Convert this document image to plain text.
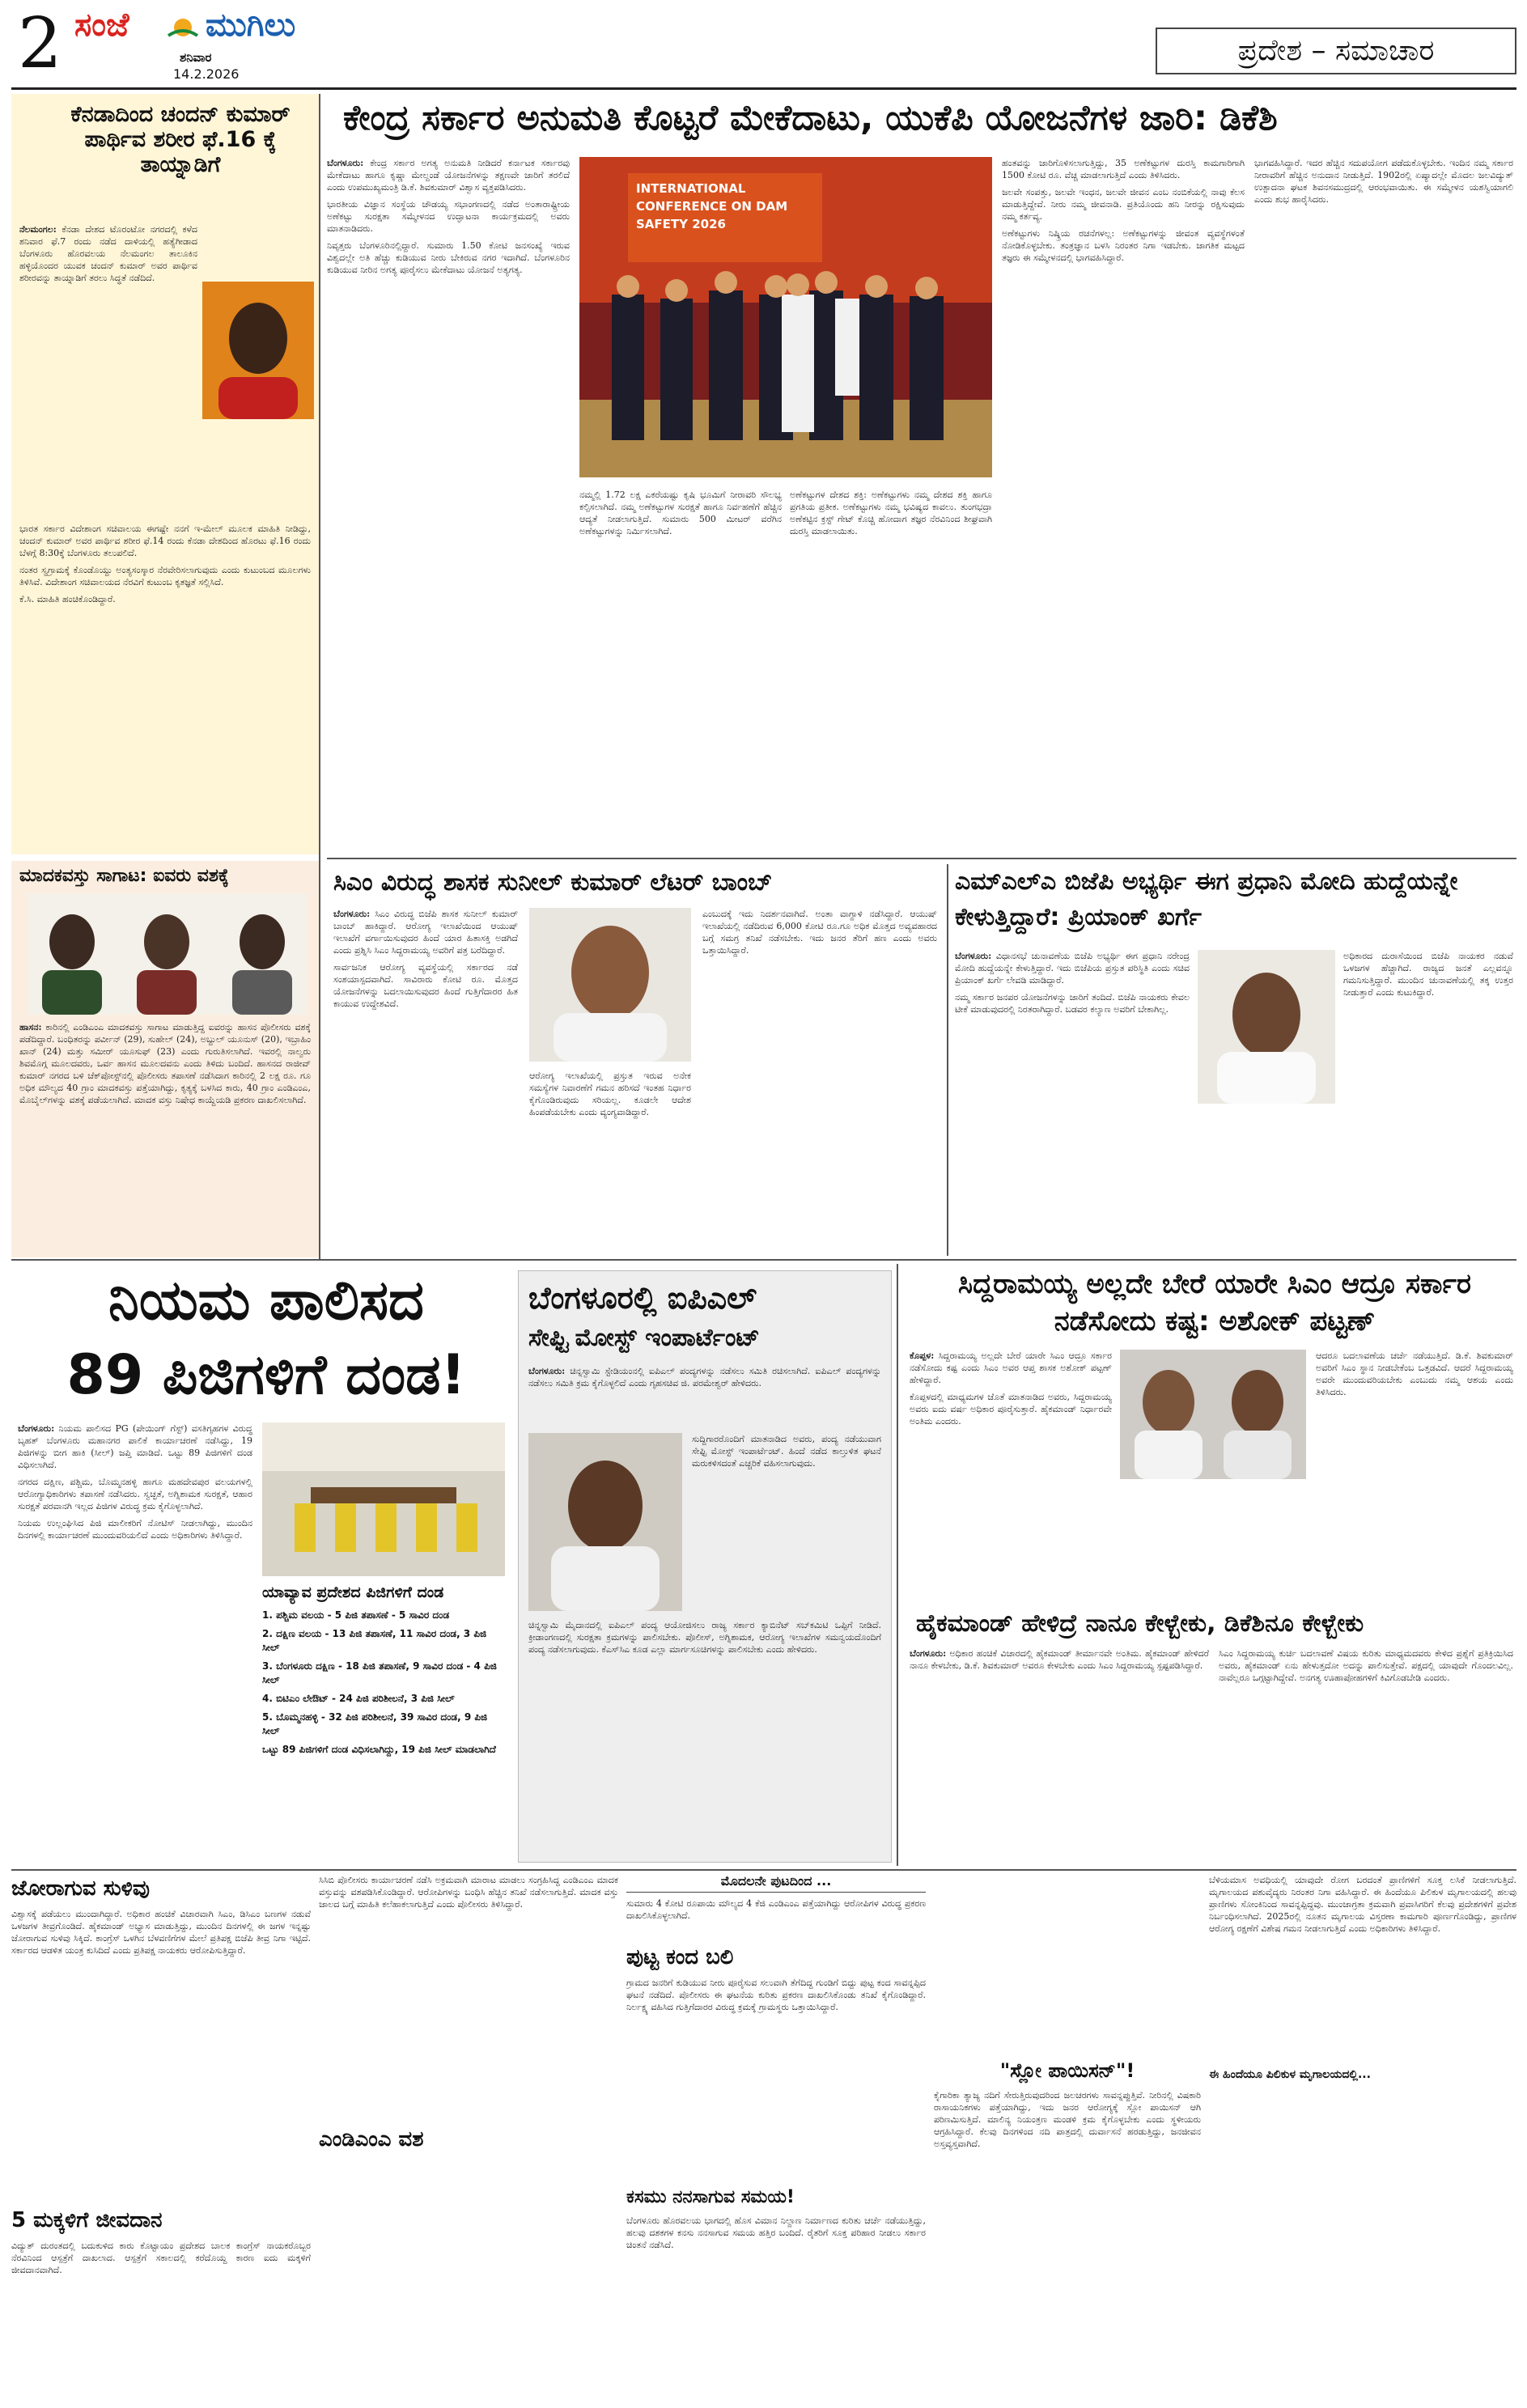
2 ಸಂಜೆ ಮುಗಿಲು
ಶನಿವಾರ
14.2.2026
ಪ್ರದೇಶ – ಸಮಾಚಾರ
ಕೆನಡಾದಿಂದ ಚಂದನ್ ಕುಮಾರ್ ಪಾರ್ಥಿವ ಶರೀರ ಫೆ.16 ಕ್ಕೆ ತಾಯ್ನಾಡಿಗೆ
ನೆಲಮಂಗಲ: ಕೆನಡಾ ದೇಶದ ಟೊರಂಟೋ ನಗರದಲ್ಲಿ ಕಳೆದ ಶನಿವಾರ ಫೆ.7 ರಂದು ನಡೆದ ದಾಳಿಯಲ್ಲಿ ಹತ್ಯೆಗೀಡಾದ ಬೆಂಗಳೂರು ಹೊರವಲಯ ನೆಲಮಂಗಲ ತಾಲೂಕಿನ ಹಳ್ಳಿಯೊಂದರ ಯುವಕ ಚಂದನ್ ಕುಮಾರ್ ಅವರ ಪಾರ್ಥಿವ ಶರೀರವನ್ನು ತಾಯ್ನಾಡಿಗೆ ತರಲು ಸಿದ್ಧತೆ ನಡೆದಿದೆ.

ಭಾರತ ಸರ್ಕಾರ ವಿದೇಶಾಂಗ ಸಚಿವಾಲಯ ಈಗಷ್ಟೇ ನನಗೆ ಇ-ಮೇಲ್ ಮೂಲಕ ಮಾಹಿತಿ ನೀಡಿದ್ದು, ಚಂದನ್ ಕುಮಾರ್ ಅವರ ಪಾರ್ಥಿವ ಶರೀರ ಫೆ.14 ರಂದು ಕೆನಡಾ ದೇಶದಿಂದ ಹೊರಟು ಫೆ.16 ರಂದು ಬೆಳಗ್ಗೆ 8:30ಕ್ಕೆ ಬೆಂಗಳೂರು ತಲುಪಲಿದೆ.

ನಂತರ ಸ್ವಗ್ರಾಮಕ್ಕೆ ಕೊಂಡೊಯ್ದು ಅಂತ್ಯಸಂಸ್ಕಾರ ನೆರವೇರಿಸಲಾಗುವುದು ಎಂದು ಕುಟುಂಬದ ಮೂಲಗಳು ತಿಳಿಸಿವೆ. ವಿದೇಶಾಂಗ ಸಚಿವಾಲಯದ ನೆರವಿಗೆ ಕುಟುಂಬ ಕೃತಜ್ಞತೆ ಸಲ್ಲಿಸಿದೆ.

ಕೆ.ಸಿ. ಮಾಹಿತಿ ಹಂಚಿಕೊಂಡಿದ್ದಾರೆ.

ಮಾದಕವಸ್ತು ಸಾಗಾಟ: ಐವರು ವಶಕ್ಕೆ
ಹಾಸನ: ಕಾರಿನಲ್ಲಿ ಎಂಡಿಎಂಎ ಮಾದಕವಸ್ತು ಸಾಗಾಟ ಮಾಡುತ್ತಿದ್ದ ಐವರನ್ನು ಹಾಸನ ಪೊಲೀಸರು ವಶಕ್ಕೆ ಪಡೆದಿದ್ದಾರೆ. ಬಂಧಿತರನ್ನು ಪರ್ವೀನ್ (29), ಸುಹೇಲ್ (24), ಅಬ್ದುಲ್ ಯೂನುಸ್ (20), ಇಬ್ರಾಹಿಂ ಖಾನ್ (24) ಮತ್ತು ಸಮೀರ್ ಯೂಸುಫ್ (23) ಎಂದು ಗುರುತಿಸಲಾಗಿದೆ. ಇವರಲ್ಲಿ ನಾಲ್ವರು ಶಿವಮೊಗ್ಗ ಮೂಲದವರು, ಒರ್ವ ಹಾಸನ ಮೂಲದವನು ಎಂದು ತಿಳಿದು ಬಂದಿದೆ. ಹಾಸನದ ರಾಜೀವ್ ಕುಮಾರ್ ನಗರದ ಬಳಿ ಚೆಕ್‌ಪೋಸ್ಟ್‌ನಲ್ಲಿ ಪೊಲೀಸರು ತಪಾಸಣೆ ನಡೆಸಿದಾಗ ಕಾರಿನಲ್ಲಿ 2 ಲಕ್ಷ ರೂ. ಗೂ ಅಧಿಕ ಮೌಲ್ಯದ 40 ಗ್ರಾಂ ಮಾದಕವಸ್ತು ಪತ್ತೆಯಾಗಿದ್ದು, ಕೃತ್ಯಕ್ಕೆ ಬಳಸಿದ ಕಾರು, 40 ಗ್ರಾಂ ಎಂಡಿಎಂಎ, ಮೊಬೈಲ್‌ಗಳನ್ನು ವಶಕ್ಕೆ ಪಡೆಯಲಾಗಿದೆ. ಮಾದಕ ವಸ್ತು ನಿಷೇಧ ಕಾಯ್ದೆಯಡಿ ಪ್ರಕರಣ ದಾಖಲಿಸಲಾಗಿದೆ.
ಕೇಂದ್ರ ಸರ್ಕಾರ ಅನುಮತಿ ಕೊಟ್ಟರೆ ಮೇಕೆದಾಟು, ಯುಕೆಪಿ ಯೋಜನೆಗಳ ಜಾರಿ: ಡಿಕೆಶಿ
ಬೆಂಗಳೂರು: ಕೇಂದ್ರ ಸರ್ಕಾರ ಅಗತ್ಯ ಅನುಮತಿ ನೀಡಿದರೆ ಕರ್ನಾಟಕ ಸರ್ಕಾರವು ಮೇಕೆದಾಟು ಹಾಗೂ ಕೃಷ್ಣಾ ಮೇಲ್ದಂಡೆ ಯೋಜನೆಗಳನ್ನು ತಕ್ಷಣವೇ ಜಾರಿಗೆ ತರಲಿದೆ ಎಂದು ಉಪಮುಖ್ಯಮಂತ್ರಿ ಡಿ.ಕೆ. ಶಿವಕುಮಾರ್ ವಿಶ್ವಾಸ ವ್ಯಕ್ತಪಡಿಸಿದರು.

ಭಾರತೀಯ ವಿಜ್ಞಾನ ಸಂಸ್ಥೆಯ ಚೌಡಯ್ಯ ಸಭಾಂಗಣದಲ್ಲಿ ನಡೆದ ಅಂತಾರಾಷ್ಟ್ರೀಯ ಅಣೆಕಟ್ಟು ಸುರಕ್ಷತಾ ಸಮ್ಮೇಳನದ ಉದ್ಘಾಟನಾ ಕಾರ್ಯಕ್ರಮದಲ್ಲಿ ಅವರು ಮಾತನಾಡಿದರು.

ನಿವೃತ್ತರು ಬೆಂಗಳೂರಿನಲ್ಲಿದ್ದಾರೆ. ಸುಮಾರು 1.50 ಕೋಟಿ ಜನಸಂಖ್ಯೆ ಇರುವ ವಿಶ್ವದಲ್ಲೇ ಅತಿ ಹೆಚ್ಚು ಕುಡಿಯುವ ನೀರು ಬೇಕಿರುವ ನಗರ ಇದಾಗಿದೆ. ಬೆಂಗಳೂರಿನ ಕುಡಿಯುವ ನೀರಿನ ಅಗತ್ಯ ಪೂರೈಸಲು ಮೇಕೆದಾಟು ಯೋಜನೆ ಅತ್ಯಗತ್ಯ.

INTERNATIONAL CONFERENCE ON DAM SAFETY 2026
ನಮ್ಮಲ್ಲಿ 1.72 ಲಕ್ಷ ಎಕರೆಯಷ್ಟು ಕೃಷಿ ಭೂಮಿಗೆ ನೀರಾವರಿ ಸೌಲಭ್ಯ ಕಲ್ಪಿಸಲಾಗಿದೆ. ನಮ್ಮ ಅಣೆಕಟ್ಟುಗಳ ಸುರಕ್ಷತೆ ಹಾಗೂ ನಿರ್ವಹಣೆಗೆ ಹೆಚ್ಚಿನ ಆದ್ಯತೆ ನೀಡಲಾಗುತ್ತಿದೆ. ಸುಮಾರು 500 ಮೀಟರ್ ವರೆಗಿನ ಅಣೆಕಟ್ಟುಗಳನ್ನು ನಿರ್ಮಿಸಲಾಗಿದೆ.
ಅಣೆಕಟ್ಟುಗಳ ದೇಶದ ಶಕ್ತಿ: ಅಣೆಕಟ್ಟುಗಳು ನಮ್ಮ ದೇಶದ ಶಕ್ತಿ ಹಾಗೂ ಪ್ರಗತಿಯ ಪ್ರತೀಕ. ಅಣೆಕಟ್ಟುಗಳು ನಮ್ಮ ಭವಿಷ್ಯದ ಕಾವಲು. ತುಂಗಭದ್ರಾ ಅಣೆಕಟ್ಟಿನ ಕ್ರಸ್ಟ್ ಗೇಟ್ ಕೊಚ್ಚಿ ಹೋದಾಗ ತಜ್ಞರ ನೆರವಿನಿಂದ ಶೀಘ್ರವಾಗಿ ದುರಸ್ತಿ ಮಾಡಲಾಯಿತು.
ಹಂತವನ್ನು ಜಾರಿಗೊಳಿಸಲಾಗುತ್ತಿದ್ದು, 35 ಅಣೆಕಟ್ಟುಗಳ ದುರಸ್ತಿ ಕಾಮಗಾರಿಗಾಗಿ 1500 ಕೋಟಿ ರೂ. ವೆಚ್ಚ ಮಾಡಲಾಗುತ್ತಿದೆ ಎಂದು ತಿಳಿಸಿದರು.

ಜಲವೇ ಸಂಪತ್ತು, ಜಲವೇ ಇಂಧನ, ಜಲವೇ ಜೀವನ ಎಂಬ ನಂಬಿಕೆಯಲ್ಲಿ ನಾವು ಕೆಲಸ ಮಾಡುತ್ತಿದ್ದೇವೆ. ನೀರು ನಮ್ಮ ಜೀವನಾಡಿ. ಪ್ರತಿಯೊಂದು ಹನಿ ನೀರನ್ನು ರಕ್ಷಿಸುವುದು ನಮ್ಮ ಕರ್ತವ್ಯ.

ಅಣೆಕಟ್ಟುಗಳು ನಿಷ್ಕ್ರಿಯ ರಚನೆಗಳಲ್ಲ: ಅಣೆಕಟ್ಟುಗಳನ್ನು ಜೀವಂತ ವ್ಯವಸ್ಥೆಗಳಂತೆ ನೋಡಿಕೊಳ್ಳಬೇಕು. ತಂತ್ರಜ್ಞಾನ ಬಳಸಿ ನಿರಂತರ ನಿಗಾ ಇಡಬೇಕು. ಜಾಗತಿಕ ಮಟ್ಟದ ತಜ್ಞರು ಈ ಸಮ್ಮೇಳನದಲ್ಲಿ ಭಾಗವಹಿಸಿದ್ದಾರೆ.

ಭಾಗವಹಿಸಿದ್ದಾರೆ. ಇದರ ಹೆಚ್ಚಿನ ಸದುಪಯೋಗ ಪಡೆದುಕೊಳ್ಳಬೇಕು. ಇಂದಿನ ನಮ್ಮ ಸರ್ಕಾರ ನೀರಾವರಿಗೆ ಹೆಚ್ಚಿನ ಅನುದಾನ ನೀಡುತ್ತಿದೆ. 1902ರಲ್ಲಿ ಏಷ್ಯಾದಲ್ಲೇ ಮೊದಲ ಜಲವಿದ್ಯುತ್ ಉತ್ಪಾದನಾ ಘಟಕ ಶಿವನಸಮುದ್ರದಲ್ಲಿ ಆರಂಭವಾಯಿತು. ಈ ಸಮ್ಮೇಳನ ಯಶಸ್ವಿಯಾಗಲಿ ಎಂದು ಶುಭ ಹಾರೈಸಿದರು.
ಸಿಎಂ ವಿರುದ್ಧ ಶಾಸಕ ಸುನೀಲ್ ಕುಮಾರ್ ಲೆಟರ್ ಬಾಂಬ್
ಬೆಂಗಳೂರು: ಸಿಎಂ ವಿರುದ್ಧ ಬಿಜೆಪಿ ಶಾಸಕ ಸುನೀಲ್ ಕುಮಾರ್ ಬಾಂಬ್ ಹಾಕಿದ್ದಾರೆ. ಆರೋಗ್ಯ ಇಲಾಖೆಯಿಂದ ಆಯುಷ್ ಇಲಾಖೆಗೆ ವರ್ಗಾಯಿಸುವುದರ ಹಿಂದೆ ಯಾರ ಹಿತಾಸಕ್ತಿ ಅಡಗಿದೆ ಎಂದು ಪ್ರಶ್ನಿಸಿ ಸಿಎಂ ಸಿದ್ದರಾಮಯ್ಯ ಅವರಿಗೆ ಪತ್ರ ಬರೆದಿದ್ದಾರೆ.

ಸಾರ್ವಜನಿಕ ಆರೋಗ್ಯ ವ್ಯವಸ್ಥೆಯಲ್ಲಿ ಸರ್ಕಾರದ ನಡೆ ಸಂಶಯಾಸ್ಪದವಾಗಿದೆ. ಸಾವಿರಾರು ಕೋಟಿ ರೂ. ಮೊತ್ತದ ಯೋಜನೆಗಳನ್ನು ಬದಲಾಯಿಸುವುದರ ಹಿಂದೆ ಗುತ್ತಿಗೆದಾರರ ಹಿತ ಕಾಯುವ ಉದ್ದೇಶವಿದೆ.

ಆರೋಗ್ಯ ಇಲಾಖೆಯಲ್ಲಿ ಪ್ರಸ್ತುತ ಇರುವ ಅನೇಕ ಸಮಸ್ಯೆಗಳ ನಿವಾರಣೆಗೆ ಗಮನ ಹರಿಸದೆ ಇಂತಹ ನಿರ್ಧಾರ ಕೈಗೊಂಡಿರುವುದು ಸರಿಯಲ್ಲ. ಕೂಡಲೇ ಆದೇಶ ಹಿಂಪಡೆಯಬೇಕು ಎಂದು ವ್ಯಂಗ್ಯವಾಡಿದ್ದಾರೆ.
ಎಂಬುದಕ್ಕೆ ಇದು ನಿದರ್ಶನವಾಗಿದೆ. ಅಂತಾ ವಾಗ್ದಾಳಿ ನಡೆಸಿದ್ದಾರೆ. ಆಯುಷ್ ಇಲಾಖೆಯಲ್ಲಿ ನಡೆದಿರುವ 6,000 ಕೋಟಿ ರೂ.ಗೂ ಅಧಿಕ ಮೊತ್ತದ ಅವ್ಯವಹಾರದ ಬಗ್ಗೆ ಸಮಗ್ರ ತನಿಖೆ ನಡೆಸಬೇಕು. ಇದು ಜನರ ತೆರಿಗೆ ಹಣ ಎಂದು ಅವರು ಒತ್ತಾಯಿಸಿದ್ದಾರೆ.
ಎಮ್‌ಎಲ್‌ಎ ಬಿಜೆಪಿ ಅಭ್ಯರ್ಥಿ ಈಗ ಪ್ರಧಾನಿ ಮೋದಿ ಹುದ್ದೆಯನ್ನೇ ಕೇಳುತ್ತಿದ್ದಾರೆ: ಪ್ರಿಯಾಂಕ್ ಖರ್ಗೆ
ಬೆಂಗಳೂರು: ವಿಧಾನಸಭೆ ಚುನಾವಣೆಯ ಬಿಜೆಪಿ ಅಭ್ಯರ್ಥಿ ಈಗ ಪ್ರಧಾನಿ ನರೇಂದ್ರ ಮೋದಿ ಹುದ್ದೆಯನ್ನೇ ಕೇಳುತ್ತಿದ್ದಾರೆ. ಇದು ಬಿಜೆಪಿಯ ಪ್ರಸ್ತುತ ಪರಿಸ್ಥಿತಿ ಎಂದು ಸಚಿವ ಪ್ರಿಯಾಂಕ್ ಖರ್ಗೆ ಲೇವಡಿ ಮಾಡಿದ್ದಾರೆ.

ನಮ್ಮ ಸರ್ಕಾರ ಜನಪರ ಯೋಜನೆಗಳನ್ನು ಜಾರಿಗೆ ತಂದಿದೆ. ಬಿಜೆಪಿ ನಾಯಕರು ಕೇವಲ ಟೀಕೆ ಮಾಡುವುದರಲ್ಲಿ ನಿರತರಾಗಿದ್ದಾರೆ. ಬಡವರ ಕಲ್ಯಾಣ ಅವರಿಗೆ ಬೇಕಾಗಿಲ್ಲ.

ಅಧಿಕಾರದ ದುರಾಸೆಯಿಂದ ಬಿಜೆಪಿ ನಾಯಕರ ನಡುವೆ ಒಳಜಗಳ ಹೆಚ್ಚಾಗಿದೆ. ರಾಜ್ಯದ ಜನತೆ ಎಲ್ಲವನ್ನೂ ಗಮನಿಸುತ್ತಿದ್ದಾರೆ. ಮುಂದಿನ ಚುನಾವಣೆಯಲ್ಲಿ ತಕ್ಕ ಉತ್ತರ ನೀಡುತ್ತಾರೆ ಎಂದು ಕುಟುಕಿದ್ದಾರೆ.
ನಿಯಮ ಪಾಲಿಸದ
89 ಪಿಜಿಗಳಿಗೆ ದಂಡ!
ಬೆಂಗಳೂರು: ನಿಯಮ ಪಾಲಿಸದ PG (ಪೇಯಿಂಗ್ ಗೆಸ್ಟ್) ವಸತಿಗೃಹಗಳ ವಿರುದ್ಧ ಬೃಹತ್ ಬೆಂಗಳೂರು ಮಹಾನಗರ ಪಾಲಿಕೆ ಕಾರ್ಯಾಚರಣೆ ನಡೆಸಿದ್ದು, 19 ಪಿಜಿಗಳನ್ನು ಬೀಗ ಹಾಕಿ (ಸೀಲ್) ಜಪ್ತಿ ಮಾಡಿದೆ. ಒಟ್ಟು 89 ಪಿಜಿಗಳಿಗೆ ದಂಡ ವಿಧಿಸಲಾಗಿದೆ.

ನಗರದ ದಕ್ಷಿಣ, ಪಶ್ಚಿಮ, ಬೊಮ್ಮನಹಳ್ಳಿ ಹಾಗೂ ಮಹದೇವಪುರ ವಲಯಗಳಲ್ಲಿ ಆರೋಗ್ಯಾಧಿಕಾರಿಗಳು ತಪಾಸಣೆ ನಡೆಸಿದರು. ಸ್ವಚ್ಛತೆ, ಅಗ್ನಿಶಾಮಕ ಸುರಕ್ಷತೆ, ಆಹಾರ ಸುರಕ್ಷತೆ ಪರವಾನಗಿ ಇಲ್ಲದ ಪಿಜಿಗಳ ವಿರುದ್ಧ ಕ್ರಮ ಕೈಗೊಳ್ಳಲಾಗಿದೆ.

ನಿಯಮ ಉಲ್ಲಂಘಿಸಿದ ಪಿಜಿ ಮಾಲೀಕರಿಗೆ ನೋಟಿಸ್ ನೀಡಲಾಗಿದ್ದು, ಮುಂದಿನ ದಿನಗಳಲ್ಲಿ ಕಾರ್ಯಾಚರಣೆ ಮುಂದುವರಿಯಲಿದೆ ಎಂದು ಅಧಿಕಾರಿಗಳು ತಿಳಿಸಿದ್ದಾರೆ.

ಯಾವ್ಯಾವ ಪ್ರದೇಶದ ಪಿಜಿಗಳಿಗೆ ದಂಡ
1. ಪಶ್ಚಿಮ ವಲಯ - 5 ಪಿಜಿ ತಪಾಸಣೆ - 5 ಸಾವಿರ ದಂಡ
2. ದಕ್ಷಿಣ ವಲಯ - 13 ಪಿಜಿ ತಪಾಸಣೆ, 11 ಸಾವಿರ ದಂಡ, 3 ಪಿಜಿ ಸೀಲ್
3. ಬೆಂಗಳೂರು ದಕ್ಷಿಣ - 18 ಪಿಜಿ ತಪಾಸಣೆ, 9 ಸಾವಿರ ದಂಡ - 4 ಪಿಜಿ ಸೀಲ್
4. ಬಿಟಿಎಂ ಲೇಔಟ್ - 24 ಪಿಜಿ ಪರಿಶೀಲನೆ, 3 ಪಿಜಿ ಸೀಲ್
5. ಬೊಮ್ಮನಹಳ್ಳಿ - 32 ಪಿಜಿ ಪರಿಶೀಲನೆ, 39 ಸಾವಿರ ದಂಡ, 9 ಪಿಜಿ ಸೀಲ್
ಒಟ್ಟು 89 ಪಿಜಿಗಳಿಗೆ ದಂಡ ವಿಧಿಸಲಾಗಿದ್ದು, 19 ಪಿಜಿ ಸೀಲ್ ಮಾಡಲಾಗಿದೆ
ಬೆಂಗಳೂರಲ್ಲಿ ಐಪಿಎಲ್
ಸೇಫ್ಟಿ ಮೋಸ್ಟ್ ಇಂಪಾರ್ಟೆಂಟ್
ಬೆಂಗಳೂರು: ಚಿನ್ನಸ್ವಾಮಿ ಸ್ಟೇಡಿಯಂನಲ್ಲಿ ಐಪಿಎಲ್ ಪಂದ್ಯಗಳನ್ನು ನಡೆಸಲು ಸಮಿತಿ ರಚಿಸಲಾಗಿದೆ. ಐಪಿಎಲ್ ಪಂದ್ಯಗಳನ್ನು ನಡೆಸಲು ಸಮಿತಿ ಕ್ರಮ ಕೈಗೊಳ್ಳಲಿದೆ ಎಂದು ಗೃಹಸಚಿವ ಜಿ. ಪರಮೇಶ್ವರ್ ಹೇಳಿದರು.
ಸುದ್ದಿಗಾರರೊಂದಿಗೆ ಮಾತನಾಡಿದ ಅವರು, ಪಂದ್ಯ ನಡೆಯುವಾಗ ಸೇಫ್ಟಿ ಮೋಸ್ಟ್ ಇಂಪಾರ್ಟೆಂಟ್. ಹಿಂದೆ ನಡೆದ ಕಾಲ್ತುಳಿತ ಘಟನೆ ಮರುಕಳಿಸದಂತೆ ಎಚ್ಚರಿಕೆ ವಹಿಸಲಾಗುವುದು.
ಚಿನ್ನಸ್ವಾಮಿ ಮೈದಾನದಲ್ಲಿ ಐಪಿಎಲ್ ಪಂದ್ಯ ಆಯೋಜಿಸಲು ರಾಜ್ಯ ಸರ್ಕಾರ ಕ್ಯಾಬಿನೆಟ್ ಸಬ್‌ಕಮಿಟಿ ಒಪ್ಪಿಗೆ ನೀಡಿದೆ. ಕ್ರೀಡಾಂಗಣದಲ್ಲಿ ಸುರಕ್ಷತಾ ಕ್ರಮಗಳನ್ನು ಪಾಲಿಸಬೇಕು. ಪೊಲೀಸ್, ಅಗ್ನಿಶಾಮಕ, ಆರೋಗ್ಯ ಇಲಾಖೆಗಳ ಸಮನ್ವಯದೊಂದಿಗೆ ಪಂದ್ಯ ನಡೆಸಲಾಗುವುದು. ಕೆಎಸ್‌ಸಿಎ ಕೂಡ ಎಲ್ಲಾ ಮಾರ್ಗಸೂಚಿಗಳನ್ನು ಪಾಲಿಸಬೇಕು ಎಂದು ಹೇಳಿದರು.
ಸಿದ್ದರಾಮಯ್ಯ ಅಲ್ಲದೇ ಬೇರೆ ಯಾರೇ ಸಿಎಂ ಆದ್ರೂ ಸರ್ಕಾರ ನಡೆಸೋದು ಕಷ್ಟ: ಅಶೋಕ್ ಪಟ್ಟಣ್
ಕೊಪ್ಪಳ: ಸಿದ್ದರಾಮಯ್ಯ ಅಲ್ಲದೇ ಬೇರೆ ಯಾರೇ ಸಿಎಂ ಆದ್ರೂ ಸರ್ಕಾರ ನಡೆಸೋದು ಕಷ್ಟ ಎಂದು ಸಿಎಂ ಅವರ ಆಪ್ತ ಶಾಸಕ ಅಶೋಕ್ ಪಟ್ಟಣ್ ಹೇಳಿದ್ದಾರೆ.

ಕೊಪ್ಪಳದಲ್ಲಿ ಮಾಧ್ಯಮಗಳ ಜೊತೆ ಮಾತನಾಡಿದ ಅವರು, ಸಿದ್ದರಾಮಯ್ಯ ಅವರು ಐದು ವರ್ಷ ಅಧಿಕಾರ ಪೂರೈಸುತ್ತಾರೆ. ಹೈಕಮಾಂಡ್ ನಿರ್ಧಾರವೇ ಅಂತಿಮ ಎಂದರು.

ಆದರೂ ಬದಲಾವಣೆಯ ಚರ್ಚೆ ನಡೆಯುತ್ತಿದೆ. ಡಿ.ಕೆ. ಶಿವಕುಮಾರ್ ಅವರಿಗೆ ಸಿಎಂ ಸ್ಥಾನ ನೀಡಬೇಕೆಂಬ ಒತ್ತಡವಿದೆ. ಆದರೆ ಸಿದ್ದರಾಮಯ್ಯ ಅವರೇ ಮುಂದುವರಿಯಬೇಕು ಎಂಬುದು ನಮ್ಮ ಆಶಯ ಎಂದು ತಿಳಿಸಿದರು.
ಹೈಕಮಾಂಡ್ ಹೇಳಿದ್ರೆ ನಾನೂ ಕೇಳ್ಬೇಕು, ಡಿಕೆಶಿನೂ ಕೇಳ್ಬೇಕು
ಬೆಂಗಳೂರು: ಅಧಿಕಾರ ಹಂಚಿಕೆ ವಿಚಾರದಲ್ಲಿ ಹೈಕಮಾಂಡ್ ತೀರ್ಮಾನವೇ ಅಂತಿಮ. ಹೈಕಮಾಂಡ್ ಹೇಳಿದರೆ ನಾನೂ ಕೇಳಬೇಕು, ಡಿ.ಕೆ. ಶಿವಕುಮಾರ್ ಅವರೂ ಕೇಳಬೇಕು ಎಂದು ಸಿಎಂ ಸಿದ್ದರಾಮಯ್ಯ ಸ್ಪಷ್ಟಪಡಿಸಿದ್ದಾರೆ.
ಸಿಎಂ ಸಿದ್ದರಾಮಯ್ಯ ಕುರ್ಚಿ ಬದಲಾವಣೆ ವಿಷಯ ಕುರಿತು ಮಾಧ್ಯಮದವರು ಕೇಳಿದ ಪ್ರಶ್ನೆಗೆ ಪ್ರತಿಕ್ರಿಯಿಸಿದ ಅವರು, ಹೈಕಮಾಂಡ್ ಏನು ಹೇಳುತ್ತದೋ ಅದನ್ನು ಪಾಲಿಸುತ್ತೇವೆ. ಪಕ್ಷದಲ್ಲಿ ಯಾವುದೇ ಗೊಂದಲವಿಲ್ಲ. ನಾವೆಲ್ಲರೂ ಒಗ್ಗಟ್ಟಾಗಿದ್ದೇವೆ. ಅನಗತ್ಯ ಊಹಾಪೋಹಗಳಿಗೆ ಕಿವಿಗೊಡಬೇಡಿ ಎಂದರು.
ಜೋರಾಗುವ ಸುಳಿವು
ವಿಶ್ವಾಸಕ್ಕೆ ಪಡೆಯಲು ಮುಂದಾಗಿದ್ದಾರೆ. ಅಧಿಕಾರ ಹಂಚಿಕೆ ವಿಚಾರವಾಗಿ ಸಿಎಂ, ಡಿಸಿಎಂ ಬಣಗಳ ನಡುವೆ ಒಳಜಗಳ ತೀವ್ರಗೊಂಡಿದೆ. ಹೈಕಮಾಂಡ್ ಅಭ್ಯಾಸ ಮಾಡುತ್ತಿದ್ದು, ಮುಂದಿನ ದಿನಗಳಲ್ಲಿ ಈ ಜಗಳ ಇನ್ನಷ್ಟು ಜೋರಾಗುವ ಸುಳಿವು ಸಿಕ್ಕಿದೆ. ಕಾಂಗ್ರೆಸ್ ಒಳಗಿನ ಬೆಳವಣಿಗೆಗಳ ಮೇಲೆ ಪ್ರತಿಪಕ್ಷ ಬಿಜೆಪಿ ತೀವ್ರ ನಿಗಾ ಇಟ್ಟಿದೆ. ಸರ್ಕಾರದ ಆಡಳಿತ ಯಂತ್ರ ಕುಸಿದಿದೆ ಎಂದು ಪ್ರತಿಪಕ್ಷ ನಾಯಕರು ಆರೋಪಿಸುತ್ತಿದ್ದಾರೆ.
5 ಮಕ್ಕಳಿಗೆ ಜೀವದಾನ
ವಿದ್ಯುತ್ ದುರಂತದಲ್ಲಿ ಬದುಕುಳಿದ ಕಾರು ಕೊಟ್ಟಾಯಂ ಪ್ರದೇಶದ ಬಾಲಕ ಕಾಂಗ್ರೆಸ್ ನಾಯಕರೊಬ್ಬರ ನೆರವಿನಿಂದ ಆಸ್ಪತ್ರೆಗೆ ದಾಖಲಾದ. ಆಸ್ಪತ್ರೆಗೆ ಸಕಾಲದಲ್ಲಿ ಕರೆದೊಯ್ದ ಕಾರಣ ಐದು ಮಕ್ಕಳಿಗೆ ಜೀವದಾನವಾಗಿದೆ.
ಸಿಸಿಬಿ ಪೊಲೀಸರು ಕಾರ್ಯಾಚರಣೆ ನಡೆಸಿ ಅಕ್ರಮವಾಗಿ ಮಾರಾಟ ಮಾಡಲು ಸಂಗ್ರಹಿಸಿದ್ದ ಎಂಡಿಎಂಎ ಮಾದಕ ವಸ್ತುವನ್ನು ವಶಪಡಿಸಿಕೊಂಡಿದ್ದಾರೆ. ಆರೋಪಿಗಳನ್ನು ಬಂಧಿಸಿ ಹೆಚ್ಚಿನ ತನಿಖೆ ನಡೆಸಲಾಗುತ್ತಿದೆ. ಮಾದಕ ವಸ್ತು ಜಾಲದ ಬಗ್ಗೆ ಮಾಹಿತಿ ಕಲೆಹಾಕಲಾಗುತ್ತಿದೆ ಎಂದು ಪೊಲೀಸರು ತಿಳಿಸಿದ್ದಾರೆ.
ಎಂಡಿಎಂಎ ವಶ
ಮೊದಲನೇ ಪುಟದಿಂದ ...
ಸುಮಾರು 4 ಕೋಟಿ ರೂಪಾಯಿ ಮೌಲ್ಯದ 4 ಕೆಜಿ ಎಂಡಿಎಂಎ ಪತ್ತೆಯಾಗಿದ್ದು ಆರೋಪಿಗಳ ವಿರುದ್ಧ ಪ್ರಕರಣ ದಾಖಲಿಸಿಕೊಳ್ಳಲಾಗಿದೆ.
ಪುಟ್ಟ ಕಂದ ಬಲಿ
ಗ್ರಾಮದ ಜನರಿಗೆ ಕುಡಿಯುವ ನೀರು ಪೂರೈಸುವ ಸಲುವಾಗಿ ತೆಗೆದಿದ್ದ ಗುಂಡಿಗೆ ಬಿದ್ದು ಪುಟ್ಟ ಕಂದ ಸಾವನ್ನಪ್ಪಿದ ಘಟನೆ ನಡೆದಿದೆ. ಪೊಲೀಸರು ಈ ಘಟನೆಯ ಕುರಿತು ಪ್ರಕರಣ ದಾಖಲಿಸಿಕೊಂಡು ತನಿಖೆ ಕೈಗೊಂಡಿದ್ದಾರೆ. ನಿರ್ಲಕ್ಷ್ಯ ವಹಿಸಿದ ಗುತ್ತಿಗೆದಾರರ ವಿರುದ್ಧ ಕ್ರಮಕ್ಕೆ ಗ್ರಾಮಸ್ಥರು ಒತ್ತಾಯಿಸಿದ್ದಾರೆ.
ಕಸಮು ನನಸಾಗುವ ಸಮಯ!
ಬೆಂಗಳೂರು ಹೊರವಲಯ ಭಾಗದಲ್ಲಿ ಹೊಸ ವಿಮಾನ ನಿಲ್ದಾಣ ನಿರ್ಮಾಣದ ಕುರಿತು ಚರ್ಚೆ ನಡೆಯುತ್ತಿದ್ದು, ಹಲವು ದಶಕಗಳ ಕನಸು ನನಸಾಗುವ ಸಮಯ ಹತ್ತಿರ ಬಂದಿದೆ. ರೈತರಿಗೆ ಸೂಕ್ತ ಪರಿಹಾರ ನೀಡಲು ಸರ್ಕಾರ ಚಿಂತನೆ ನಡೆಸಿದೆ.
"ಸ್ಲೋ ಪಾಯಿಸನ್"!
ಕೈಗಾರಿಕಾ ತ್ಯಾಜ್ಯ ನದಿಗೆ ಸೇರುತ್ತಿರುವುದರಿಂದ ಜಲಚರಗಳು ಸಾವನ್ನಪ್ಪುತ್ತಿವೆ. ನೀರಿನಲ್ಲಿ ವಿಷಕಾರಿ ರಾಸಾಯನಿಕಗಳು ಪತ್ತೆಯಾಗಿದ್ದು, ಇದು ಜನರ ಆರೋಗ್ಯಕ್ಕೆ ಸ್ಲೋ ಪಾಯಿಸನ್ ಆಗಿ ಪರಿಣಮಿಸುತ್ತಿದೆ. ಮಾಲಿನ್ಯ ನಿಯಂತ್ರಣ ಮಂಡಳಿ ಕ್ರಮ ಕೈಗೊಳ್ಳಬೇಕು ಎಂದು ಸ್ಥಳೀಯರು ಆಗ್ರಹಿಸಿದ್ದಾರೆ. ಕೆಲವು ದಿನಗಳಿಂದ ನದಿ ಪಾತ್ರದಲ್ಲಿ ದುರ್ವಾಸನೆ ಹರಡುತ್ತಿದ್ದು, ಜನಜೀವನ ಅಸ್ತವ್ಯಸ್ತವಾಗಿದೆ.
ಬೆಳಿಯಮಾಸ ಅವಧಿಯಲ್ಲಿ ಯಾವುದೇ ರೋಗ ಬರದಂತೆ ಪ್ರಾಣಿಗಳಿಗೆ ಸೂಕ್ತ ಲಸಿಕೆ ನೀಡಲಾಗುತ್ತಿದೆ. ಮೃಗಾಲಯದ ಪಶುವೈದ್ಯರು ನಿರಂತರ ನಿಗಾ ವಹಿಸಿದ್ದಾರೆ. ಈ ಹಿಂದೆಯೂ ಪಿಲಿಕುಳ ಮೃಗಾಲಯದಲ್ಲಿ ಹಲವು ಪ್ರಾಣಿಗಳು ಸೋಂಕಿನಿಂದ ಸಾವನ್ನಪ್ಪಿದ್ದವು. ಮುಂಜಾಗ್ರತಾ ಕ್ರಮವಾಗಿ ಪ್ರವಾಸಿಗರಿಗೆ ಕೆಲವು ಪ್ರದೇಶಗಳಿಗೆ ಪ್ರವೇಶ ನಿರ್ಬಂಧಿಸಲಾಗಿದೆ. 2025ರಲ್ಲಿ ನೂತನ ಮೃಗಾಲಯ ವಿಸ್ತರಣಾ ಕಾಮಗಾರಿ ಪೂರ್ಣಗೊಂಡಿದ್ದು, ಪ್ರಾಣಿಗಳ ಆರೋಗ್ಯ ರಕ್ಷಣೆಗೆ ವಿಶೇಷ ಗಮನ ನೀಡಲಾಗುತ್ತಿದೆ ಎಂದು ಅಧಿಕಾರಿಗಳು ತಿಳಿಸಿದ್ದಾರೆ.
ಈ ಹಿಂದೆಯೂ ಪಿಲಿಕುಳ ಮೃಗಾಲಯದಲ್ಲಿ...
